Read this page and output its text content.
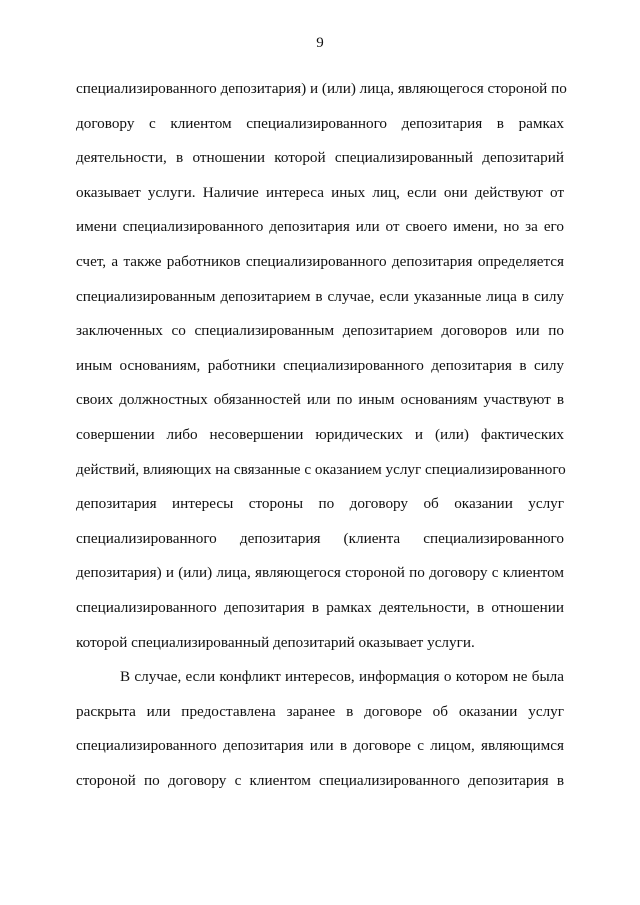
9
специализированного депозитария) и (или) лица, являющегося стороной по
договору с клиентом специализированного депозитария в рамках
деятельности, в отношении которой специализированный депозитарий
оказывает услуги. Наличие интереса иных лиц, если они действуют от
имени специализированного депозитария или от своего имени, но за его
счет, а также работников специализированного депозитария определяется
специализированным депозитарием в случае, если указанные лица в силу
заключенных со специализированным депозитарием договоров или по
иным основаниям, работники специализированного депозитария в силу
своих должностных обязанностей или по иным основаниям участвуют в
совершении либо несовершении юридических и (или) фактических
действий, влияющих на связанные с оказанием услуг специализированного
депозитария интересы стороны по договору об оказании услуг
специализированного депозитария (клиента специализированного
депозитария) и (или) лица, являющегося стороной по договору с клиентом
специализированного депозитария в рамках деятельности, в отношении
которой специализированный депозитарий оказывает услуги.
В случае, если конфликт интересов, информация о котором не была
раскрыта или предоставлена заранее в договоре об оказании услуг
специализированного депозитария или в договоре с лицом, являющимся
стороной по договору с клиентом специализированного депозитария в
